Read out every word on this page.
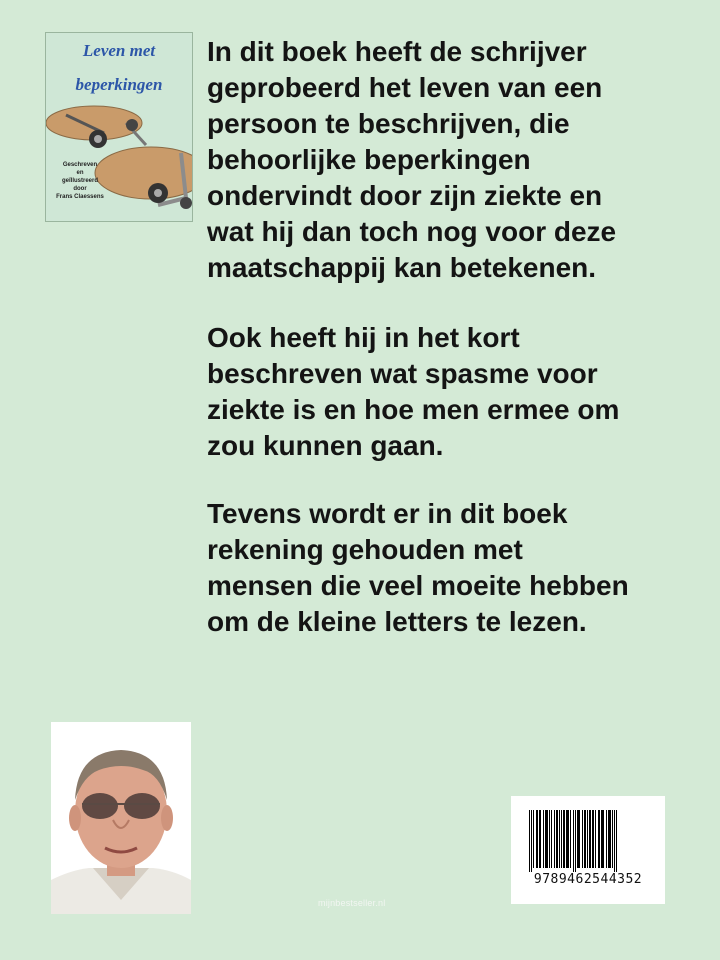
Leven met
beperkingen
Geschreven
en
geïllustreerd
door
Frans Claessens

In dit boek heeft de schrijver
geprobeerd het leven van een
persoon te beschrijven, die
behoorlijke beperkingen
ondervindt door zijn ziekte en
wat hij dan toch nog voor deze
maatschappij kan betekenen.

Ook heeft hij in het kort
beschreven wat spasme voor
ziekte is en hoe men ermee om
zou kunnen gaan.

Tevens wordt er in dit boek
rekening gehouden met
mensen die veel moeite hebben
om de kleine letters te lezen.

9789462544352
mijnbestseller.nl
